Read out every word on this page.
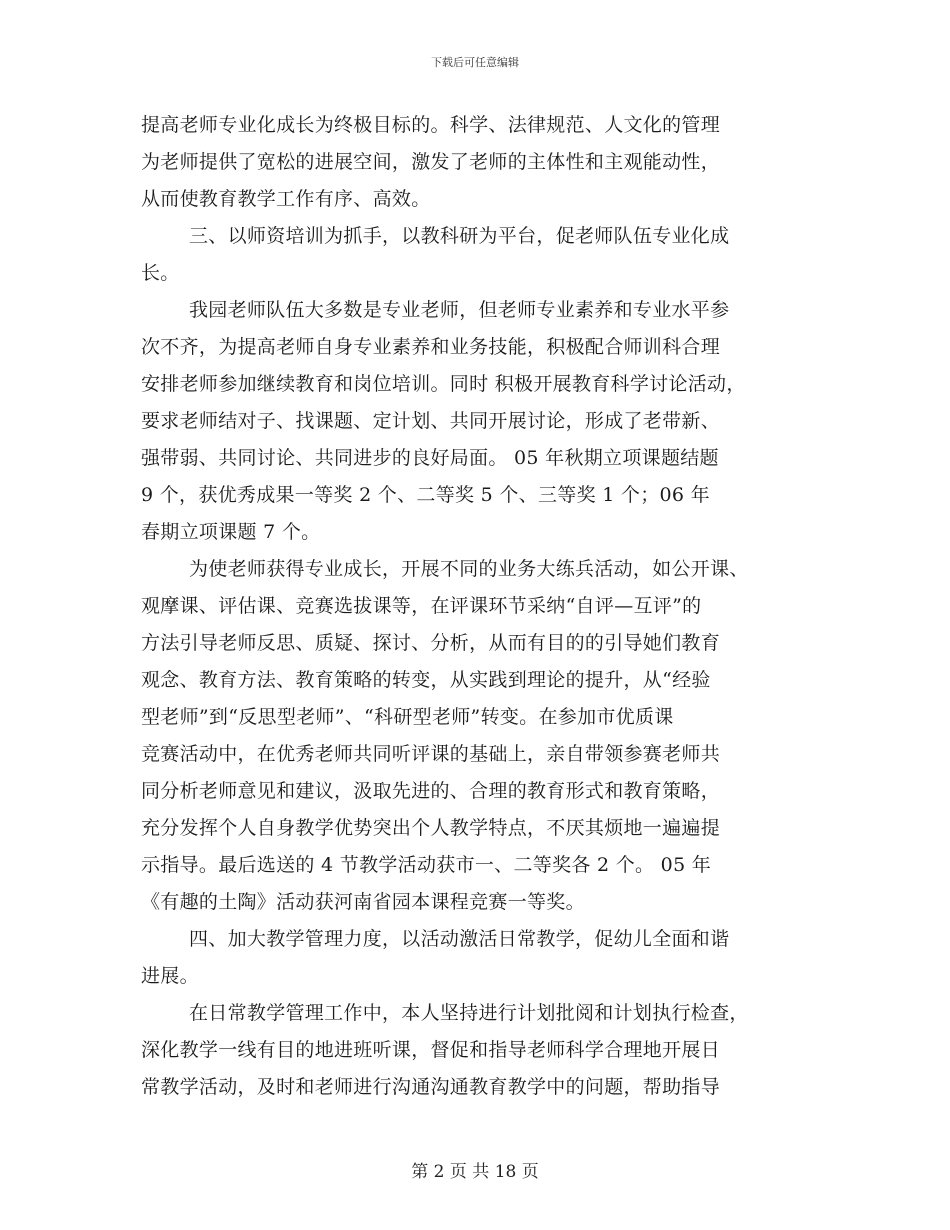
下载后可任意编辑
提高老师专业化成长为终极目标的。科学、法律规范、人文化的管理
为老师提供了宽松的进展空间，激发了老师的主体性和主观能动性，
从而使教育教学工作有序、高效。
三、以师资培训为抓手，以教科研为平台，促老师队伍专业化成
长。
我园老师队伍大多数是专业老师，但老师专业素养和专业水平参
次不齐，为提高老师自身专业素养和业务技能，积极配合师训科合理
安排老师参加继续教育和岗位培训。同时 积极开展教育科学讨论活动，
要求老师结对子、找课题、定计划、共同开展讨论，形成了老带新、
强带弱、共同讨论、共同进步的良好局面。 05 年秋期立项课题结题
9 个，获优秀成果一等奖 2 个、二等奖 5 个、三等奖 1 个；06 年
春期立项课题 7 个。
为使老师获得专业成长，开展不同的业务大练兵活动，如公开课、
观摩课、评估课、竞赛选拔课等，在评课环节采纳“自评—互评”的
方法引导老师反思、质疑、探讨、分析，从而有目的的引导她们教育
观念、教育方法、教育策略的转变，从实践到理论的提升，从“经验
型老师”到“反思型老师”、“科研型老师”转变。在参加市优质课
竞赛活动中，在优秀老师共同听评课的基础上，亲自带领参赛老师共
同分析老师意见和建议，汲取先进的、合理的教育形式和教育策略，
充分发挥个人自身教学优势突出个人教学特点，不厌其烦地一遍遍提
示指导。最后选送的 4 节教学活动获市一、二等奖各 2 个。 05 年
《有趣的土陶》活动获河南省园本课程竞赛一等奖。
四、加大教学管理力度，以活动激活日常教学，促幼儿全面和谐
进展。
在日常教学管理工作中，本人坚持进行计划批阅和计划执行检查，
深化教学一线有目的地进班听课，督促和指导老师科学合理地开展日
常教学活动，及时和老师进行沟通沟通教育教学中的问题，帮助指导
第 2 页 共 18 页
